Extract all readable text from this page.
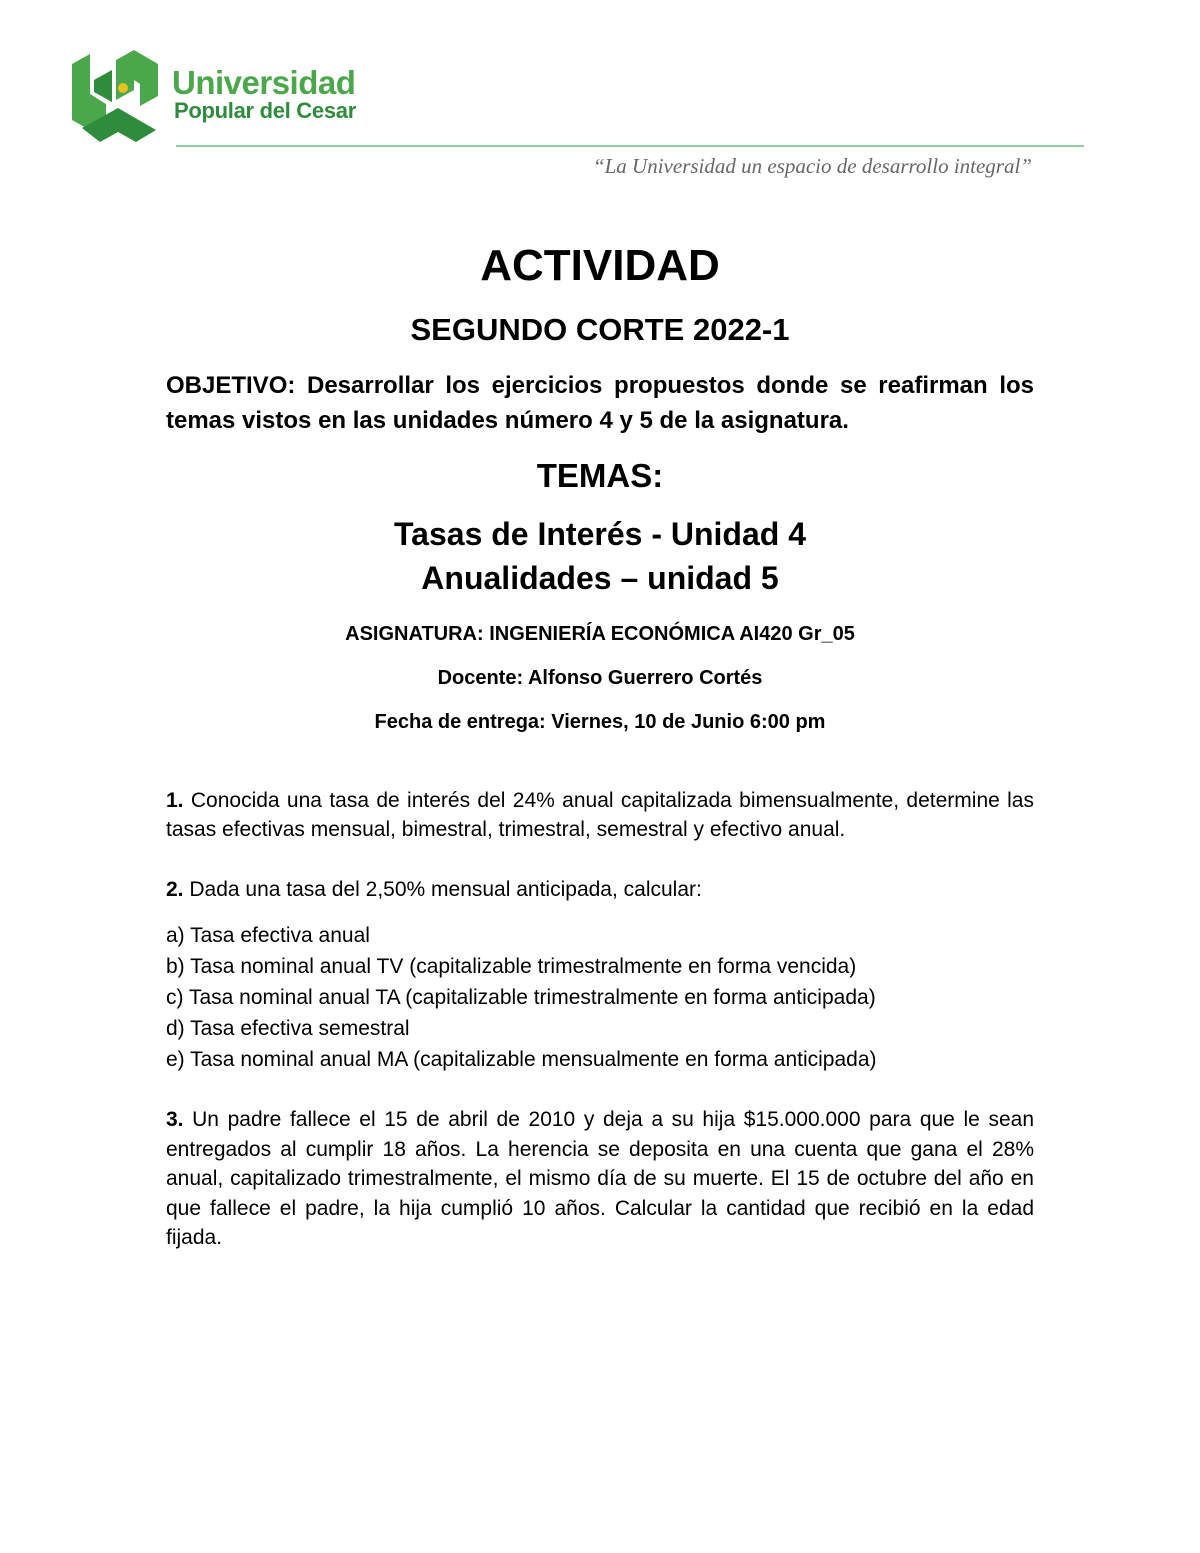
Universidad
Popular del Cesar
“La Universidad un espacio de desarrollo integral”
ACTIVIDAD
SEGUNDO CORTE 2022-1

OBJETIVO: Desarrollar los ejercicios propuestos donde se reafirman los temas vistos en las unidades número 4 y 5 de la asignatura.

TEMAS:
Tasas de Interés - Unidad 4
Anualidades – unidad 5

ASIGNATURA: INGENIERÍA ECONÓMICA AI420 Gr_05

Docente: Alfonso Guerrero Cortés

Fecha de entrega: Viernes, 10 de Junio 6:00 pm

1. Conocida una tasa de interés del 24% anual capitalizada bimensualmente, determine las tasas efectivas mensual, bimestral, trimestral, semestral y efectivo anual.

2. Dada una tasa del 2,50% mensual anticipada, calcular:

a) Tasa efectiva anual
b) Tasa nominal anual TV (capitalizable trimestralmente en forma vencida)
c) Tasa nominal anual TA (capitalizable trimestralmente en forma anticipada)
d) Tasa efectiva semestral
e) Tasa nominal anual MA (capitalizable mensualmente en forma anticipada)

3. Un padre fallece el 15 de abril de 2010 y deja a su hija $15.000.000 para que le sean entregados al cumplir 18 años. La herencia se deposita en una cuenta que gana el 28% anual, capitalizado trimestralmente, el mismo día de su muerte. El 15 de octubre del año en que fallece el padre, la hija cumplió 10 años. Calcular la cantidad que recibió en la edad fijada.
